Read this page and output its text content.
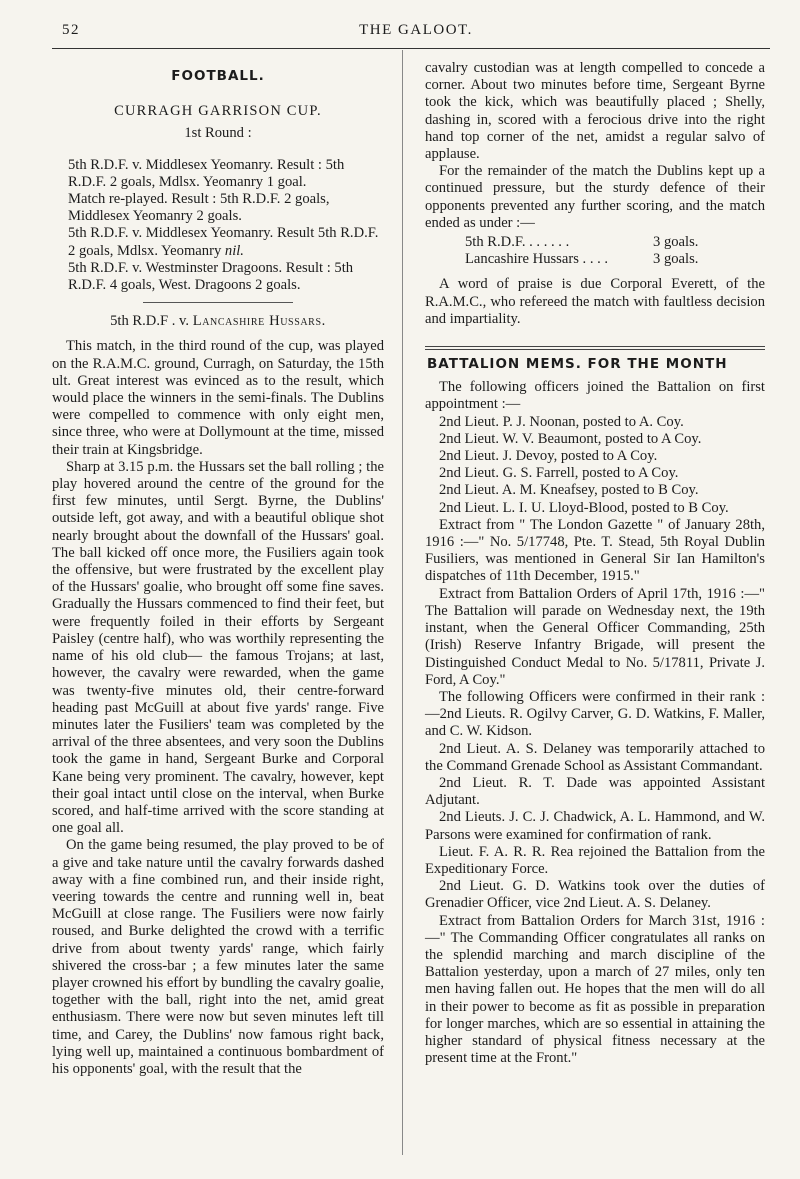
52	THE GALOOT.
FOOTBALL.
CURRAGH GARRISON CUP.
1st Round :

5th R.D.F. v. Middlesex Yeomanry. Result : 5th R.D.F. 2 goals, Mdlsx. Yeomanry 1 goal.

Match re-played. Result : 5th R.D.F. 2 goals, Middlesex Yeomanry 2 goals.

5th R.D.F. v. Middlesex Yeomanry. Result 5th R.D.F. 2 goals, Mdlsx. Yeomanry nil.

5th R.D.F. v. Westminster Dragoons. Result : 5th R.D.F. 4 goals, West. Dragoons 2 goals.

5th R.D.F . v. Lancashire Hussars.

This match, in the third round of the cup, was played on the R.A.M.C. ground, Curragh, on Saturday, the 15th ult. Great interest was evinced as to the result, which would place the winners in the semi-finals. The Dublins were compelled to commence with only eight men, since three, who were at Dollymount at the time, missed their train at Kingsbridge.

Sharp at 3.15 p.m. the Hussars set the ball rolling ; the play hovered around the centre of the ground for the first few minutes, until Sergt. Byrne, the Dublins' outside left, got away, and with a beautiful oblique shot nearly brought about the downfall of the Hussars' goal. The ball kicked off once more, the Fusiliers again took the offensive, but were frustrated by the excellent play of the Hussars' goalie, who brought off some fine saves. Gradually the Hussars commenced to find their feet, but were frequently foiled in their efforts by Sergeant Paisley (centre half), who was worthily representing the name of his old club— the famous Trojans; at last, however, the cavalry were rewarded, when the game was twenty-five minutes old, their centre-forward heading past McGuill at about five yards' range. Five minutes later the Fusiliers' team was completed by the arrival of the three absentees, and very soon the Dublins took the game in hand, Sergeant Burke and Corporal Kane being very prominent. The cavalry, however, kept their goal intact until close on the interval, when Burke scored, and half-time arrived with the score standing at one goal all.

On the game being resumed, the play proved to be of a give and take nature until the cavalry forwards dashed away with a fine combined run, and their inside right, veering towards the centre and running well in, beat McGuill at close range. The Fusiliers were now fairly roused, and Burke delighted the crowd with a terrific drive from about twenty yards' range, which fairly shivered the cross-bar ; a few minutes later the same player crowned his effort by bundling the cavalry goalie, together with the ball, right into the net, amid great enthusiasm. There were now but seven minutes left till time, and Carey, the Dublins' now famous right back, lying well up, maintained a continuous bombardment of his opponents' goal, with the result that the

cavalry custodian was at length compelled to concede a corner. About two minutes before time, Sergeant Byrne took the kick, which was beautifully placed ; Shelly, dashing in, scored with a ferocious drive into the right hand top corner of the net, amidst a regular salvo of applause.

For the remainder of the match the Dublins kept up a continued pressure, but the sturdy defence of their opponents prevented any further scoring, and the match ended as under :—

5th R.D.F. . . . . . .	3 goals.
Lancashire Hussars . . . .	3 goals.

A word of praise is due Corporal Everett, of the R.A.M.C., who refereed the match with faultless decision and impartiality.

BATTALION MEMS. FOR THE MONTH

The following officers joined the Battalion on first appointment :—

2nd Lieut. P. J. Noonan, posted to A. Coy.

2nd Lieut. W. V. Beaumont, posted to A Coy.

2nd Lieut. J. Devoy, posted to A Coy.

2nd Lieut. G. S. Farrell, posted to A Coy.

2nd Lieut. A. M. Kneafsey, posted to B Coy.

2nd Lieut. L. I. U. Lloyd-Blood, posted to B Coy.

Extract from " The London Gazette " of January 28th, 1916 :—" No. 5/17748, Pte. T. Stead, 5th Royal Dublin Fusiliers, was mentioned in General Sir Ian Hamilton's dispatches of 11th December, 1915."

Extract from Battalion Orders of April 17th, 1916 :—" The Battalion will parade on Wednesday next, the 19th instant, when the General Officer Commanding, 25th (Irish) Reserve Infantry Brigade, will present the Distinguished Conduct Medal to No. 5/17811, Private J. Ford, A Coy."

The following Officers were confirmed in their rank :—2nd Lieuts. R. Ogilvy Carver, G. D. Watkins, F. Maller, and C. W. Kidson.

2nd Lieut. A. S. Delaney was temporarily attached to the Command Grenade School as Assistant Commandant.

2nd Lieut. R. T. Dade was appointed Assistant Adjutant.

2nd Lieuts. J. C. J. Chadwick, A. L. Hammond, and W. Parsons were examined for confirmation of rank.

Lieut. F. A. R. R. Rea rejoined the Battalion from the Expeditionary Force.

2nd Lieut. G. D. Watkins took over the duties of Grenadier Officer, vice 2nd Lieut. A. S. Delaney.

Extract from Battalion Orders for March 31st, 1916 :—" The Commanding Officer congratulates all ranks on the splendid marching and march discipline of the Battalion yesterday, upon a march of 27 miles, only ten men having fallen out. He hopes that the men will do all in their power to become as fit as possible in preparation for longer marches, which are so essential in attaining the higher standard of physical fitness necessary at the present time at the Front."
